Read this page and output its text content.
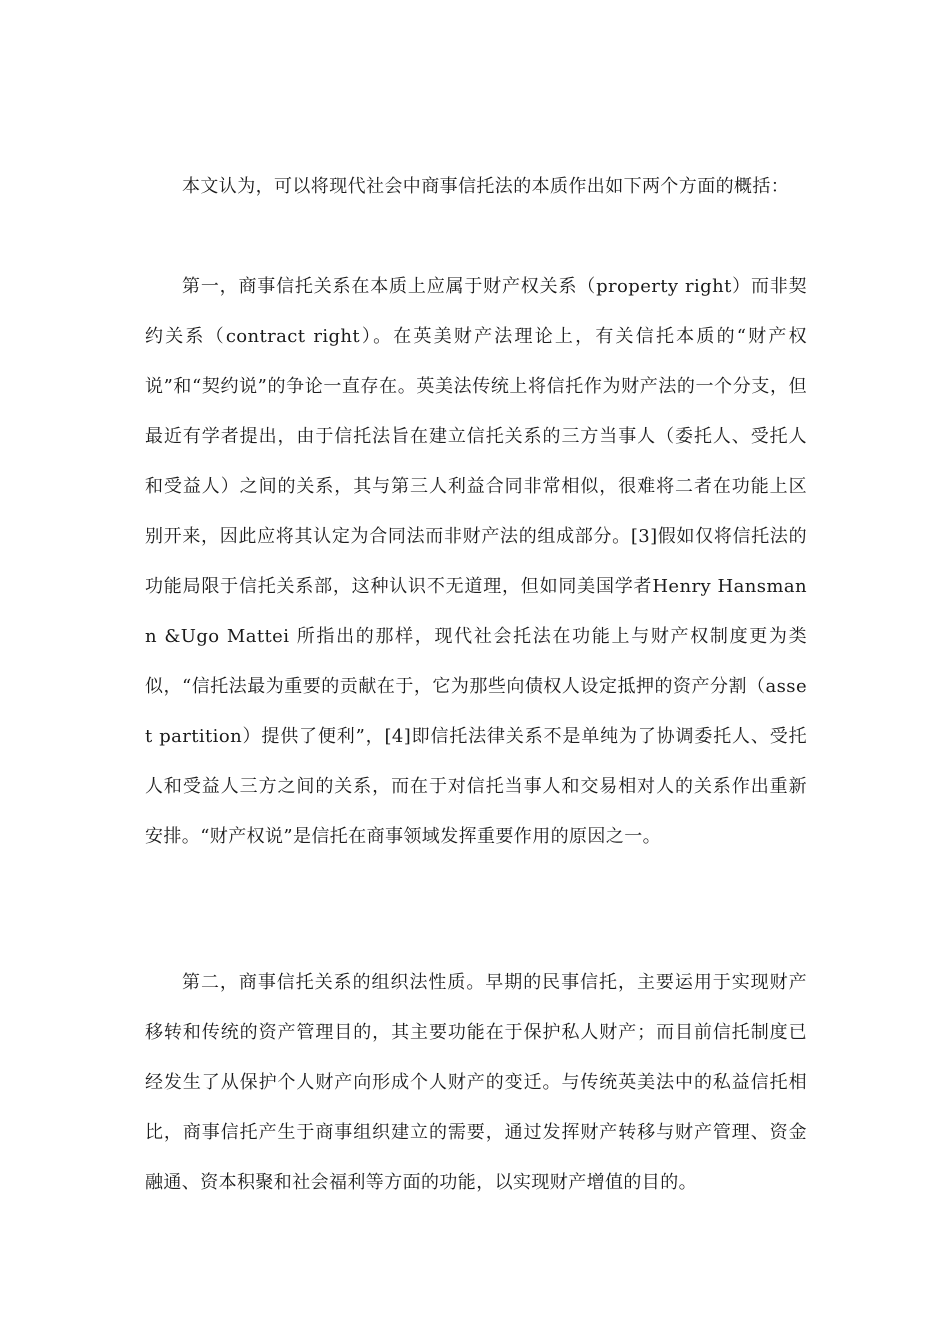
本文认为，可以将现代社会中商事信托法的本质作出如下两个方面的概括：

第一，商事信托关系在本质上应属于财产权关系（property right）而非契约关系（contract right）。在英美财产法理论上，有关信托本质的“财产权说”和“契约说”的争论一直存在。英美法传统上将信托作为财产法的一个分支，但最近有学者提出，由于信托法旨在建立信托关系的三方当事人（委托人、受托人和受益人）之间的关系，其与第三人利益合同非常相似，很难将二者在功能上区别开来，因此应将其认定为合同法而非财产法的组成部分。[3]假如仅将信托法的功能局限于信托关系部，这种认识不无道理，但如同美国学者Henry Hansmann &Ugo Mattei 所指出的那样，现代社会托法在功能上与财产权制度更为类似，“信托法最为重要的贡献在于，它为那些向债权人设定抵押的资产分割（asset partition）提供了便利”，[4]即信托法律关系不是单纯为了协调委托人、受托人和受益人三方之间的关系，而在于对信托当事人和交易相对人的关系作出重新安排。“财产权说”是信托在商事领域发挥重要作用的原因之一。

第二，商事信托关系的组织法性质。早期的民事信托，主要运用于实现财产移转和传统的资产管理目的，其主要功能在于保护私人财产；而目前信托制度已经发生了从保护个人财产向形成个人财产的变迁。与传统英美法中的私益信托相比，商事信托产生于商事组织建立的需要，通过发挥财产转移与财产管理、资金融通、资本积聚和社会福利等方面的功能，以实现财产增值的目的。
